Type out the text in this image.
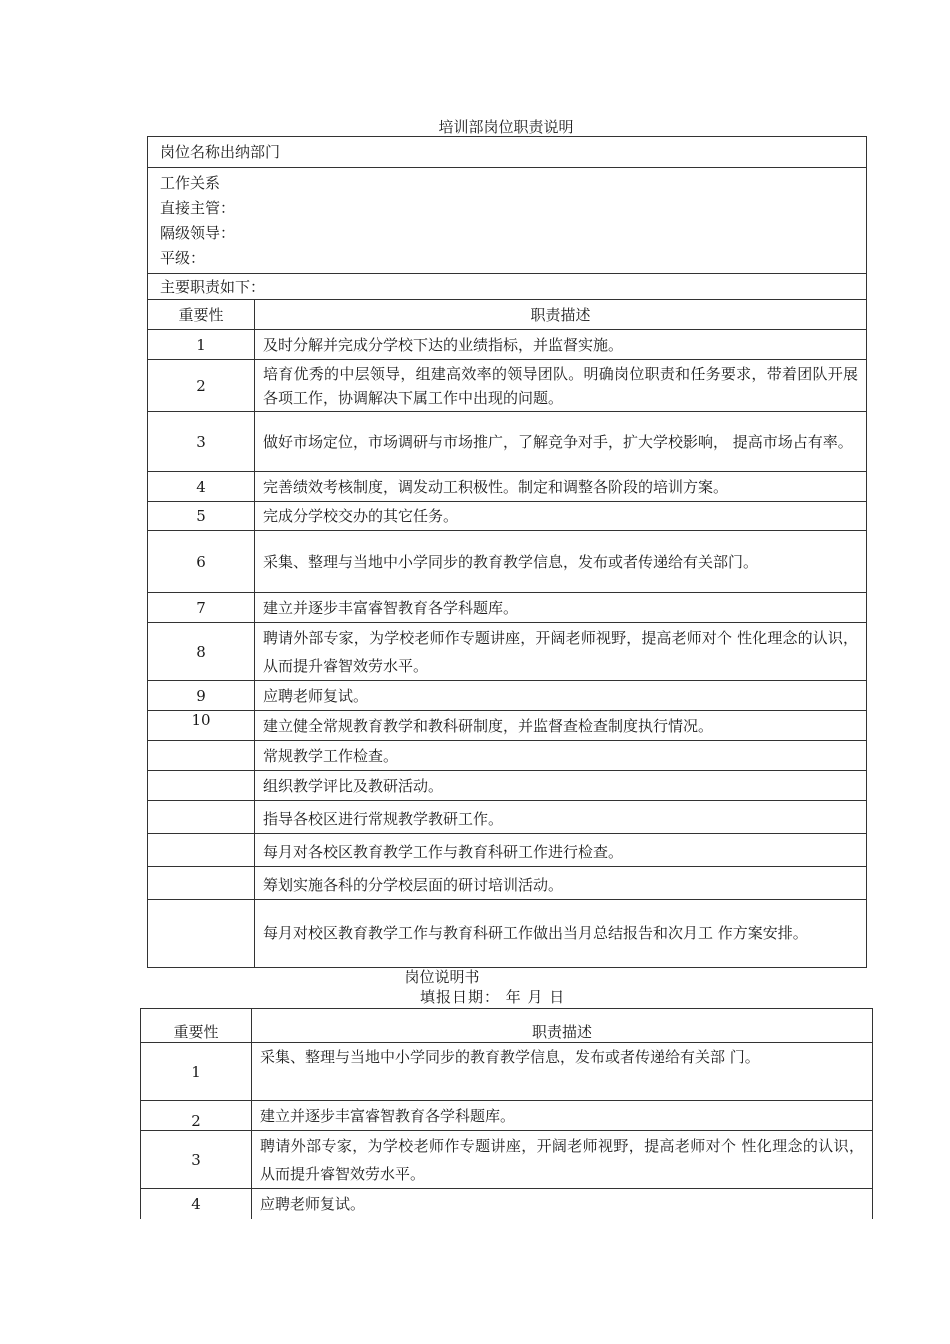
培训部岗位职责说明
岗位名称出纳部门	

工作关系
直接主管：
隔级领导：
平级：	

主要职责如下：	
重要性	职责描述
1	及时分解并完成分学校下达的业绩指标，并监督实施。
2	培育优秀的中层领导，组建高效率的领导团队。明确岗位职责和任务要求，带着团队开展各项工作，协调解决下属工作中出现的问题。
3	做好市场定位，市场调研与市场推广，了解竞争对手，扩大学校影响， 提高市场占有率。
4	完善绩效考核制度，调发动工积极性。制定和调整各阶段的培训方案。
5	完成分学校交办的其它任务。
6	采集、整理与当地中小学同步的教育教学信息，发布或者传递给有关部门。
7	建立并逐步丰富睿智教育各学科题库。
8	聘请外部专家，为学校老师作专题讲座，开阔老师视野，提高老师对个 性化理念的认识，从而提升睿智效劳水平。
9	应聘老师复试。
10	建立健全常规教育教学和教科研制度，并监督查检查制度执行情况。
	常规教学工作检查。
	组织教学评比及教研活动。
	指导各校区进行常规教学教研工作。
	每月对各校区教育教学工作与教育科研工作进行检查。
	筹划实施各科的分学校层面的研讨培训活动。
	每月对校区教育教学工作与教育科研工作做出当月总结报告和次月工 作方案安排。
岗位说明书
填报日期： 年 月 日
重要性	职责描述
1	采集、整理与当地中小学同步的教育教学信息，发布或者传递给有关部 门。
2	建立并逐步丰富睿智教育各学科题库。
3	聘请外部专家，为学校老师作专题讲座，开阔老师视野，提高老师对个 性化理念的认识，从而提升睿智效劳水平。
4	应聘老师复试。
